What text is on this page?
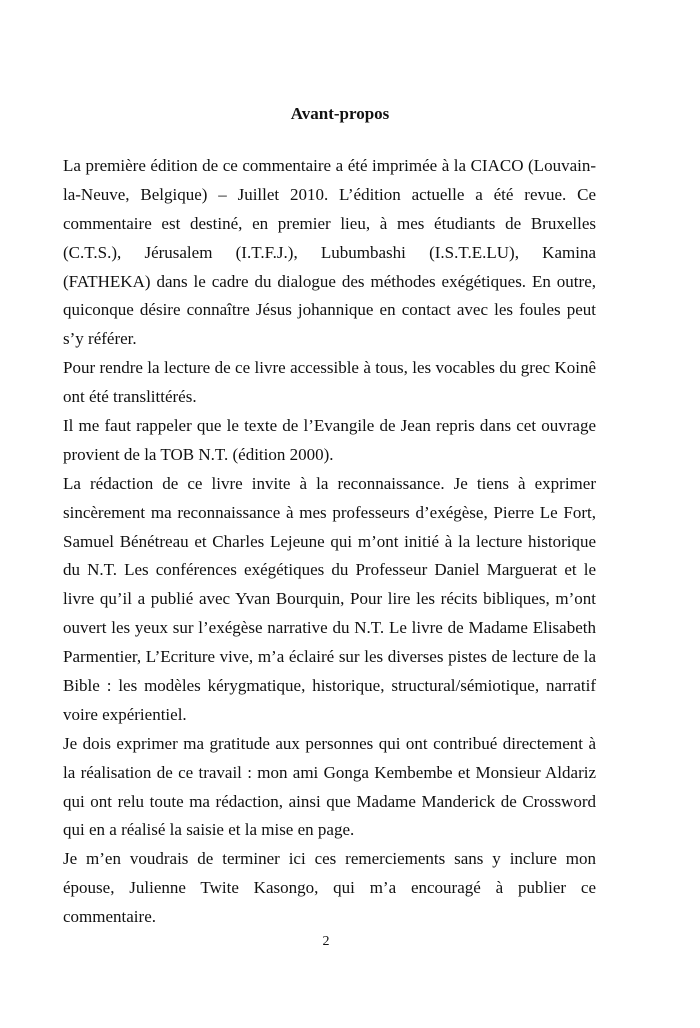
Avant-propos
La première édition de ce commentaire a été imprimée à la CIACO (Louvain-
la-Neuve, Belgique) – Juillet 2010. L’édition actuelle a été revue. Ce
commentaire est destiné, en premier lieu, à mes étudiants de Bruxelles
(C.T.S.), Jérusalem (I.T.F.J.), Lubumbashi (I.S.T.E.LU), Kamina
(FATHEKA) dans le cadre du dialogue des méthodes exégétiques. En outre,
quiconque désire connaître Jésus johannique en contact avec les foules peut
s’y référer.
Pour rendre la lecture de ce livre accessible à tous, les vocables du grec Koinê
ont été translittérés.
Il me faut rappeler que le texte de l’Evangile de Jean repris dans cet ouvrage
provient de la TOB N.T. (édition 2000).
La rédaction de ce livre invite à la reconnaissance. Je tiens à exprimer
sincèrement ma reconnaissance à mes professeurs d’exégèse, Pierre Le Fort,
Samuel Bénétreau et Charles Lejeune qui m’ont initié à la lecture historique
du N.T. Les conférences exégétiques du Professeur Daniel Marguerat et le
livre qu’il a publié avec Yvan Bourquin, Pour lire les récits bibliques, m’ont
ouvert les yeux sur l’exégèse narrative du N.T. Le livre de Madame Elisabeth
Parmentier, L’Ecriture vive, m’a éclairé sur les diverses pistes de lecture de la
Bible : les modèles kérygmatique, historique, structural/sémiotique, narratif
voire expérientiel.
Je dois exprimer ma gratitude aux personnes qui ont contribué directement à
la réalisation de ce travail : mon ami Gonga Kembembe et Monsieur Aldariz
qui ont relu toute ma rédaction, ainsi que Madame Manderick de Crossword
qui en a réalisé la saisie et la mise en page.
Je m’en voudrais de terminer ici ces remerciements sans y inclure mon
épouse, Julienne Twite Kasongo, qui m’a encouragé à publier ce
commentaire.
2
